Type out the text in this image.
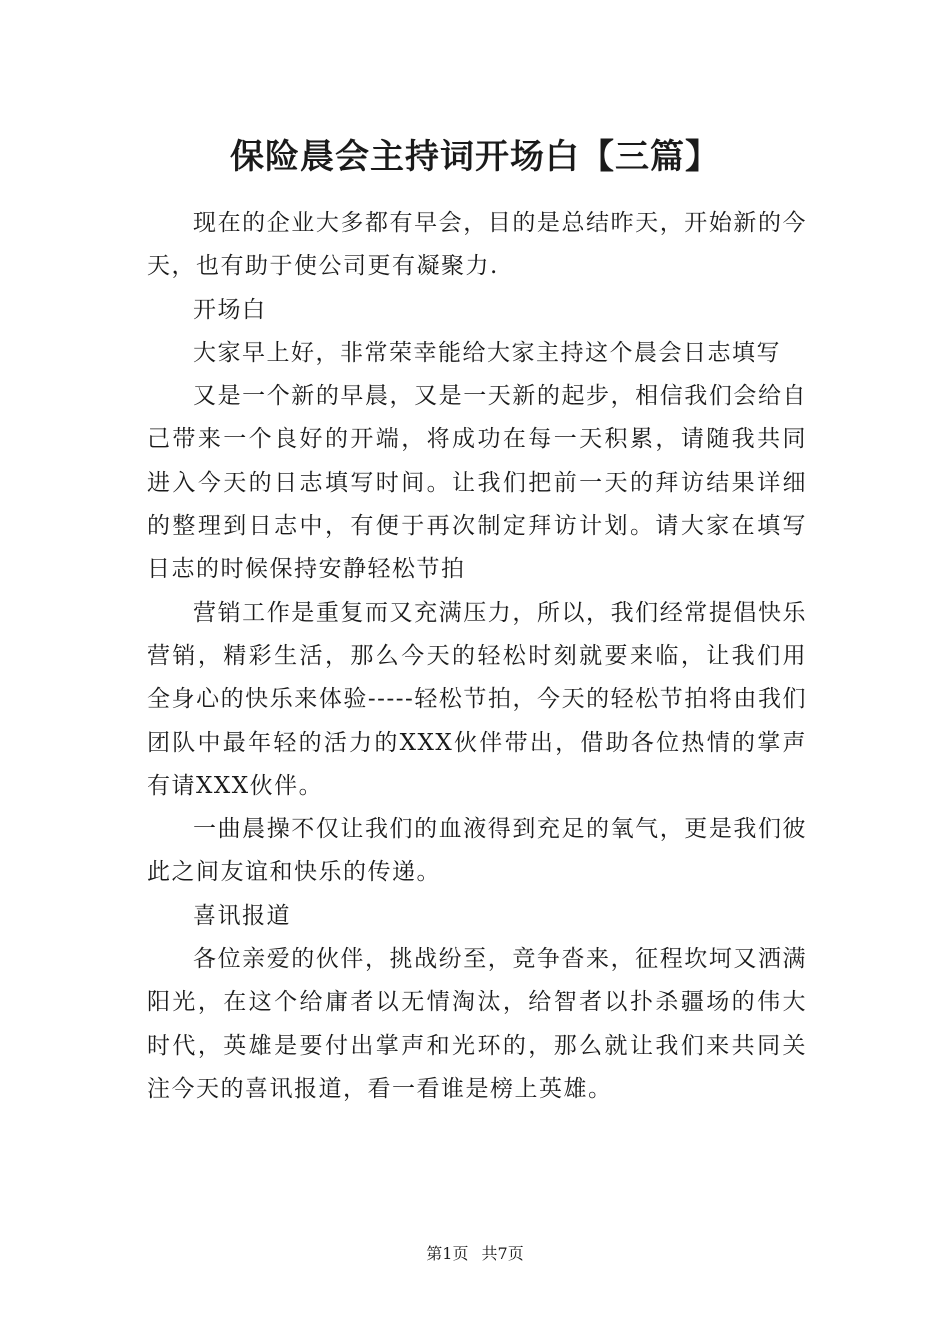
保险晨会主持词开场白【三篇】

现在的企业大多都有早会，目的是总结昨天，开始新的今天，也有助于使公司更有凝聚力.

开场白

大家早上好，非常荣幸能给大家主持这个晨会日志填写

又是一个新的早晨，又是一天新的起步，相信我们会给自己带来一个良好的开端，将成功在每一天积累，请随我共同进入今天的日志填写时间。让我们把前一天的拜访结果详细的整理到日志中，有便于再次制定拜访计划。请大家在填写日志的时候保持安静轻松节拍

营销工作是重复而又充满压力，所以，我们经常提倡快乐营销，精彩生活，那么今天的轻松时刻就要来临，让我们用全身心的快乐来体验-----轻松节拍，今天的轻松节拍将由我们团队中最年轻的活力的XXX伙伴带出，借助各位热情的掌声有请XXX伙伴。

一曲晨操不仅让我们的血液得到充足的氧气，更是我们彼此之间友谊和快乐的传递。

喜讯报道

各位亲爱的伙伴，挑战纷至，竞争沓来，征程坎坷又洒满阳光，在这个给庸者以无情淘汰，给智者以扑杀疆场的伟大时代，英雄是要付出掌声和光环的，那么就让我们来共同关注今天的喜讯报道，看一看谁是榜上英雄。

第1页 共7页
